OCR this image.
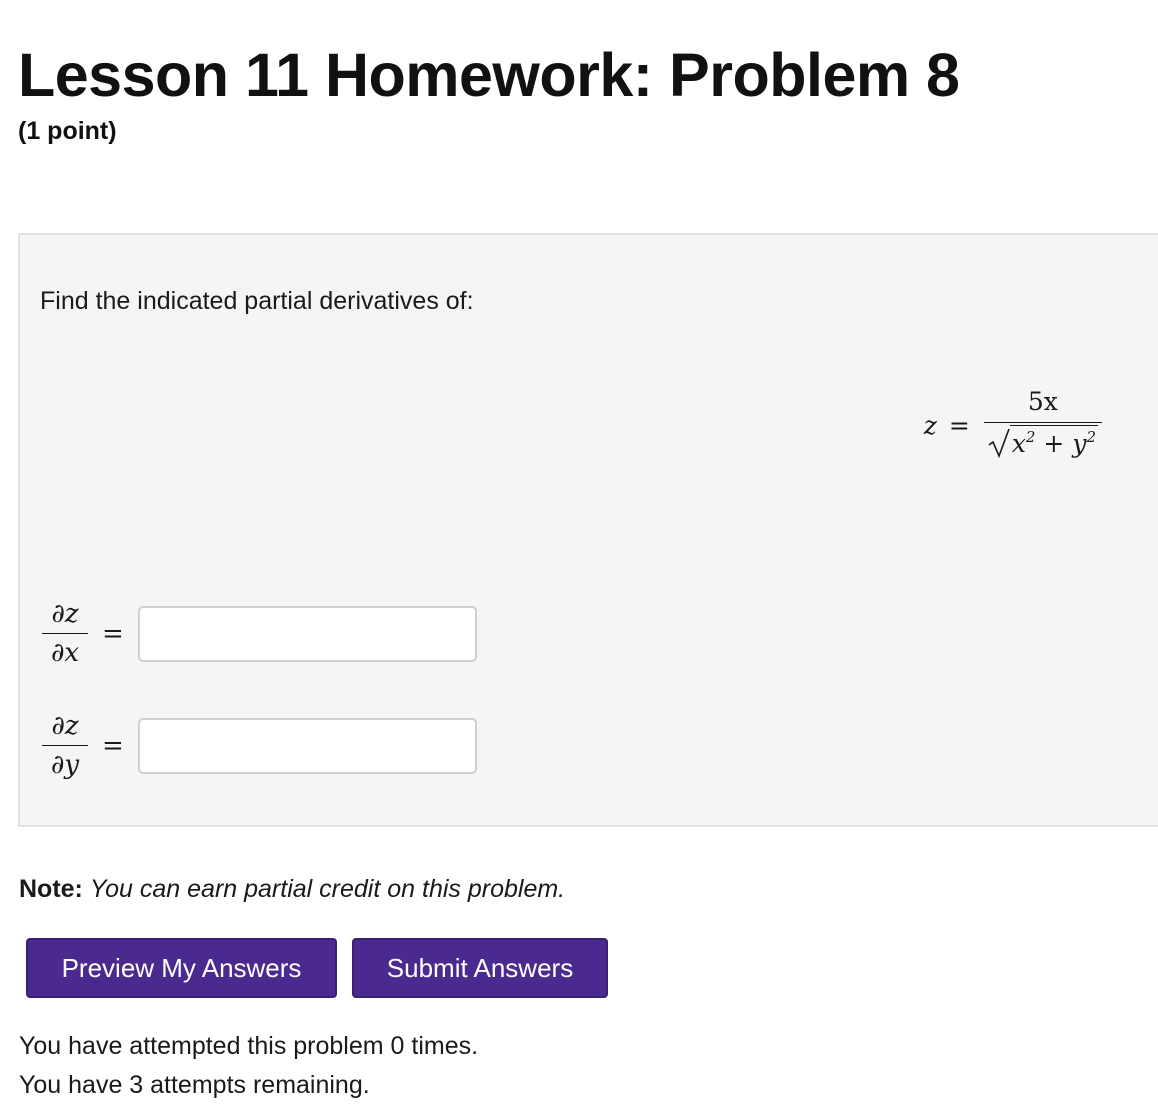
Lesson 11 Homework: Problem 8
(1 point)
Find the indicated partial derivatives of:
$z = \frac{5x}{x^2 + y^2}$
$\frac{\partial z}{\partial x}$ =
$\frac{\partial z}{\partial y}$ =
Note: You can earn partial credit on this problem.
Preview My Answers	Submit Answers
You have attempted this problem 0 times.
You have 3 attempts remaining.
